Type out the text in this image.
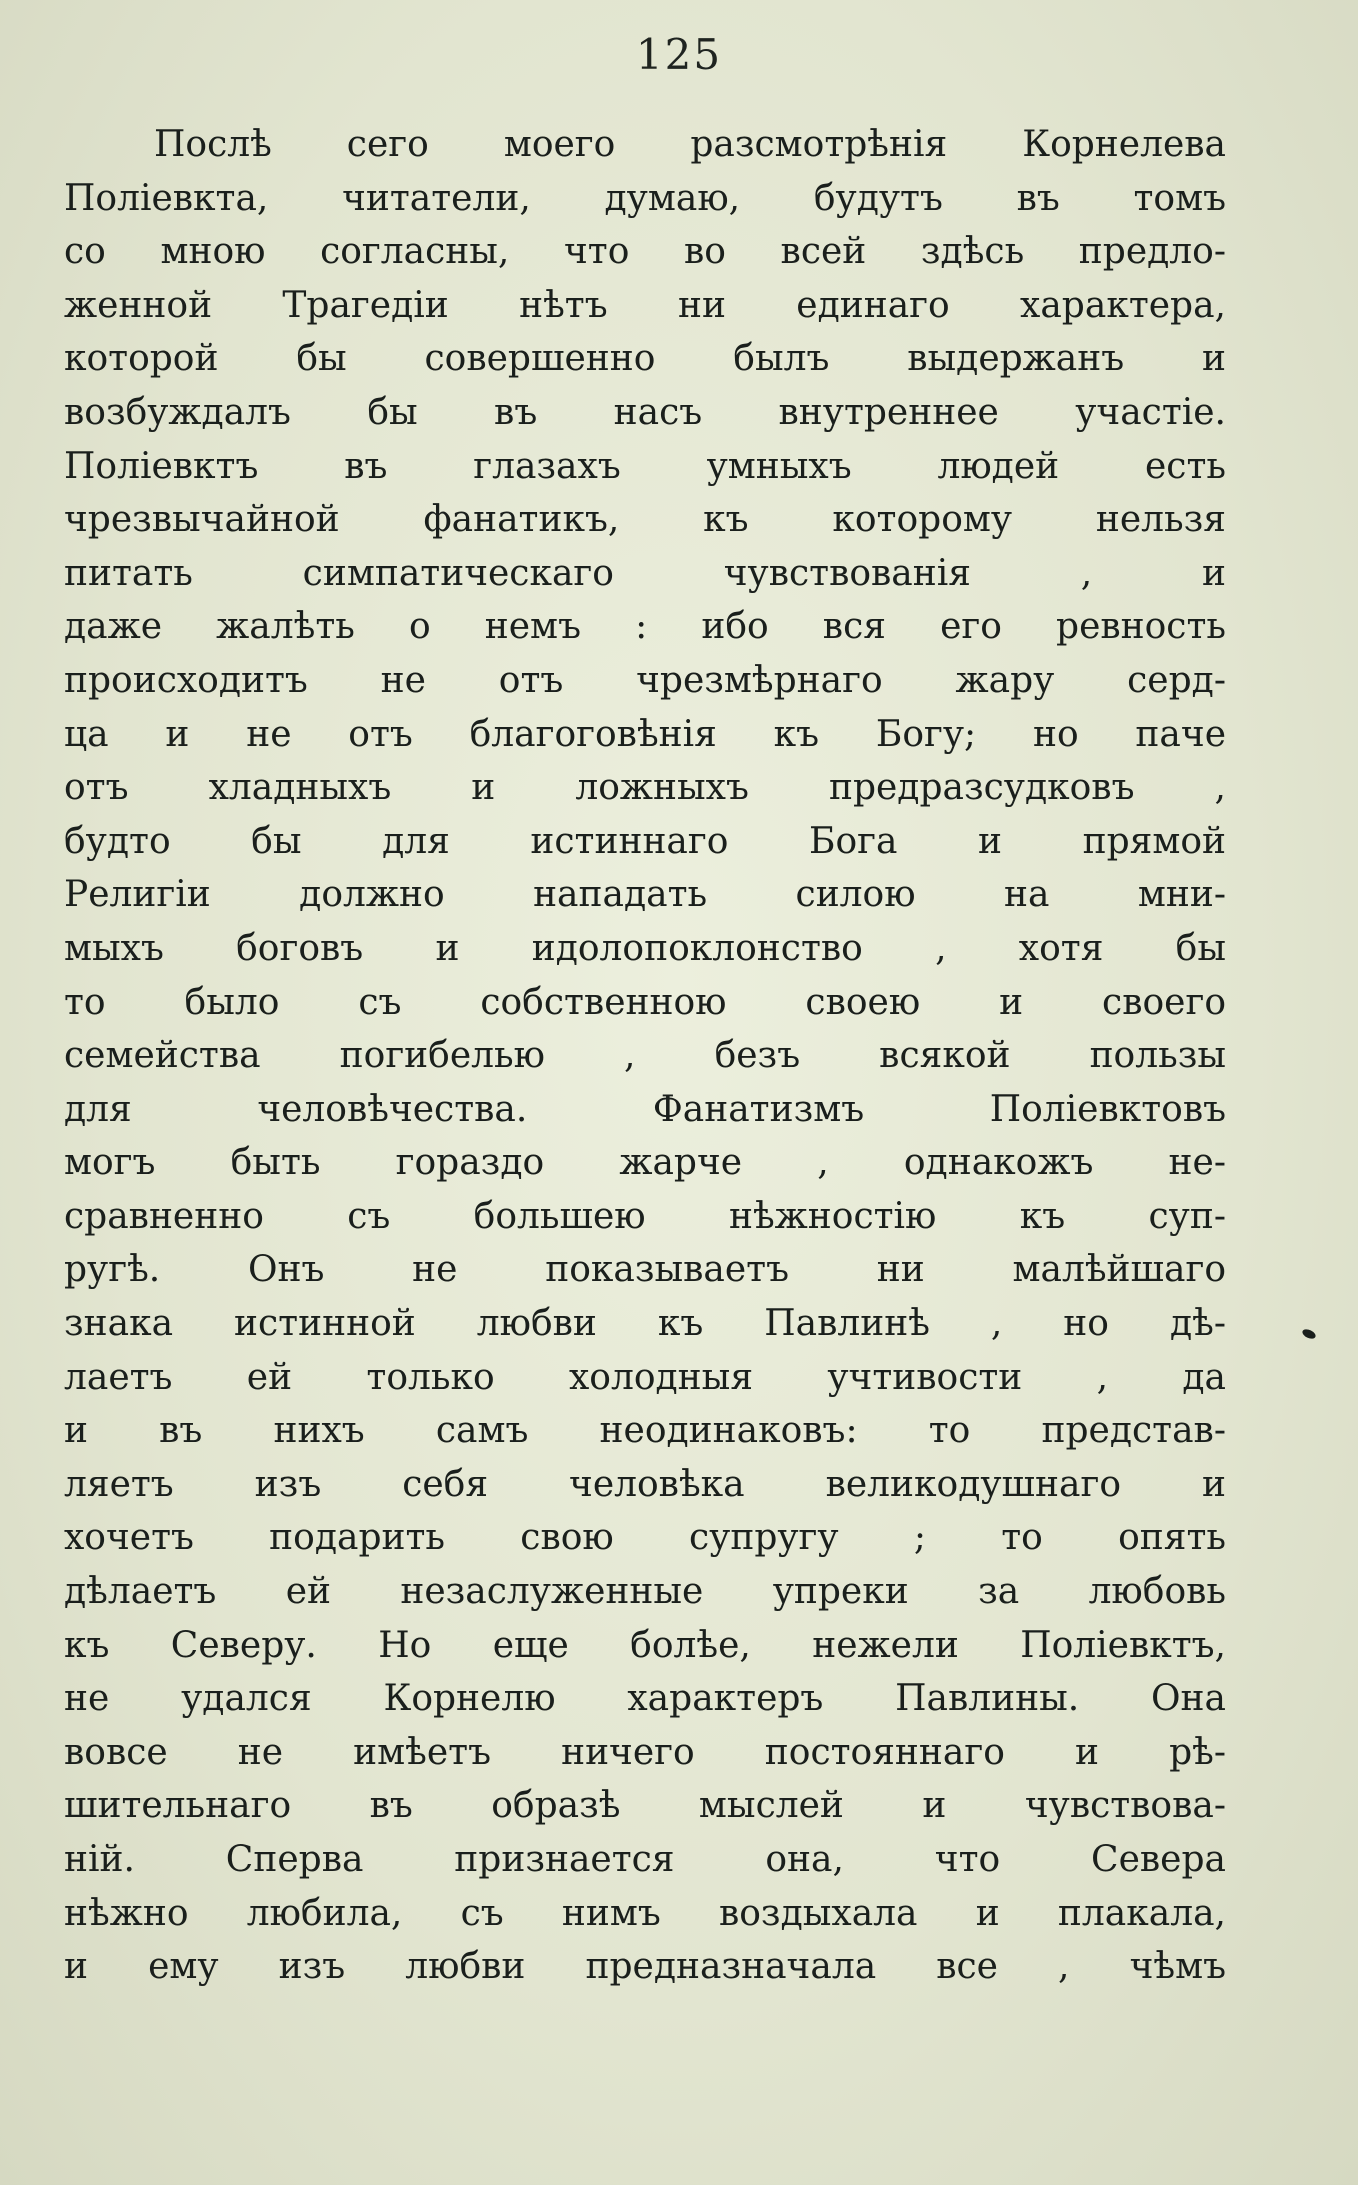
125
Послѣ сего моего разсмотрѣнія Корнелева
Поліевкта, читатели, думаю, будутъ въ томъ
со мною согласны, что во всей здѣсь предло-
женной Трагедіи нѣтъ ни единаго характера,
которой бы совершенно былъ выдержанъ и
возбуждалъ бы въ насъ внутреннее участіе.
Поліевктъ въ глазахъ умныхъ людей есть
чрезвычайной фанатикъ, къ которому нельзя
питать симпатическаго чувствованія , и
даже жалѣть о немъ : ибо вся его ревность
происходитъ не отъ чрезмѣрнаго жару серд-
ца и не отъ благоговѣнія къ Богу; но паче
отъ хладныхъ и ложныхъ предразсудковъ ,
будто бы для истиннаго Бога и прямой
Религіи должно нападать силою на мни-
мыхъ боговъ и идолопоклонство , хотя бы
то было съ собственною своею и своего
семейства погибелью , безъ всякой пользы
для человѣчества. Фанатизмъ Поліевктовъ
могъ быть гораздо жарче , однакожъ не-
сравненно съ большею нѣжностію къ суп-
ругѣ. Онъ не показываетъ ни малѣйшаго
знака истинной любви къ Павлинѣ , но дѣ-
лаетъ ей только холодныя учтивости , да
и въ нихъ самъ неодинаковъ: то представ-
ляетъ изъ себя человѣка великодушнаго и
хочетъ подарить свою супругу ; то опять
дѣлаетъ ей незаслуженные упреки за любовь
къ Северу. Но еще болѣе, нежели Поліевктъ,
не удался Корнелю характеръ Павлины. Она
вовсе не имѣетъ ничего постояннаго и рѣ-
шительнаго въ образѣ мыслей и чувствова-
ній. Сперва признается она, что Севера
нѣжно любила, съ нимъ воздыхала и плакала,
и ему изъ любви предназначала все , чѣмъ
